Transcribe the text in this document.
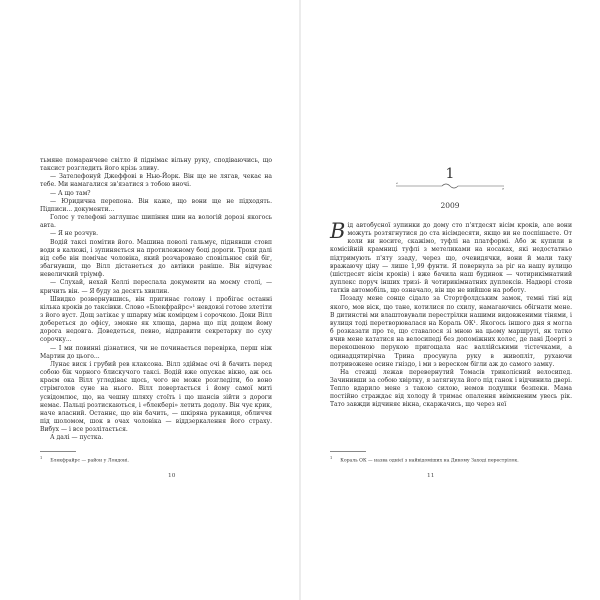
тьмяне помаранчеве світло й піднімає вільну руку, сподіваючись, що таксист розгледить його крізь зливу.

— Зателефонуй Джеффові в Нью-Йорк. Він ще не лягав, чекає на тебе. Ми намагалися зв'язатися з тобою вночі.

— А що там?

— Юридична перепона. Він каже, що вони ще не підходять. Підписи... документи...

Голос у телефоні заглушає шипіння шин на вологій дорозі якогось авта.

— Я не розчув.

Водій таксі помітив його. Машина поволі гальмує, піднявши стовп води в калюжі, і зупиняється на протилежному боці дороги. Трохи далі від себе він помічає чоловіка, який розчаровано сповільнює свій біг, збагнувши, що Вілл дістанеться до автівки раніше. Він відчуває невеличкий тріумф.

— Слухай, нехай Келлі переслала документи на моєму столі, — кричить він. — Я буду за десять хвилин.

Швидко розвернувшись, він пригинає голову і пробігає останні кілька кроків до таксівки. Слово «Блекфрайрс»¹ невдовзі готове злетіти з його вуст. Дощ затікає у шпарку між комірцем і сорочкою. Доки Вілл добереться до офісу, змокне як хлюща, дарма що під дощем йому дорога недовга. Доведеться, певно, відправити секретарку по суху сорочку...

— І ми повинні дізнатися, чи не починається перевірка, перш ніж Мартин до цього...

Лунає виск і грубий рев клаксона. Вілл здіймає очі й бачить перед собою бік чорного блискучого таксі. Водій вже опускає вікно, аж ось краєм ока Вілл угледіває щось, чого не може розгледіти, бо воно стрімголов суне на нього. Вілл повертається і йому самої миті усвідомлює, що, на чешну шляху стоїть і що шансів зійти з дороги немає. Пальці розтискаються, і «блекбері» летить додолу. Він чує крик, наче власний. Останнє, що він бачить, — шкіряна рукавиця, обличчя під шоломом, шок в очах чоловіка — віддзеркалення його страху. Вибух — і все розлітається.

А далі — пустка.

$^1$Блекфрайрс — район у Лондоні.
10
1
2009

Від автобусної зупинки до дому сто п'ятдесят вісім кроків, але вони можуть розтягнутися до ста вісімдесяти, якщо ви не поспішаєте. От коли ви носите, скажімо, туфлі на платформі. Або ж купили в комісійній крамниці туфлі з метеликами на носаках, які недостатньо підтримують п'яту ззаду, через що, очевидячки, вони й мали таку вражаючу ціну — лише 1,99 фунти. Я повернула за ріг на нашу вулицю (шістдесят вісім кроків) і вже бачила наш будинок — чотирикімнатний дуплекс поруч інших тризі- й чотирикімнатних дуплексів. Надворі стояв татків автомобіль, що означало, він ще не вийшов на роботу.

Позаду мене сонце сідало за Стортфолдським замок, темні тіні від якого, мов віск, що тане, котилися по схилу, намагаючись обігнати мене. В дитинстві ми влаштовували перестрілки нашими видовженими тінями, і вулиця тоді перетворювалася на Кораль ОК¹. Якогось іншого дня я могла б розказати про те, що ставалося зі мною на цьому маршруті, як татко вчив мене кататися на велосипеді без допоміжних колес, де пані Доерті з перекошеною перукою пригощала нас валлійськими тістечками, а одинадцятирічна Трина просунула руку в живопліт, рухаючи потривожене осине гніздо, і ми з вереском бігли аж до самого замку.

На стежці лежав перевернутий Томасів триколісний велосипед. Зачинивши за собою хвіртку, я затягнула його під ганок і відчинила двері. Тепло вдарило мене з такою силою, немов подушки безпеки. Мама постійно страждає від холоду й тримає опалення ввімкненим увесь рік. Тато завжди відчиняє вікна, скаржачись, що через неї

$^1$Кораль ОК — назва однієї з найвідоміших на Дикому Заході перестрілок.
11
